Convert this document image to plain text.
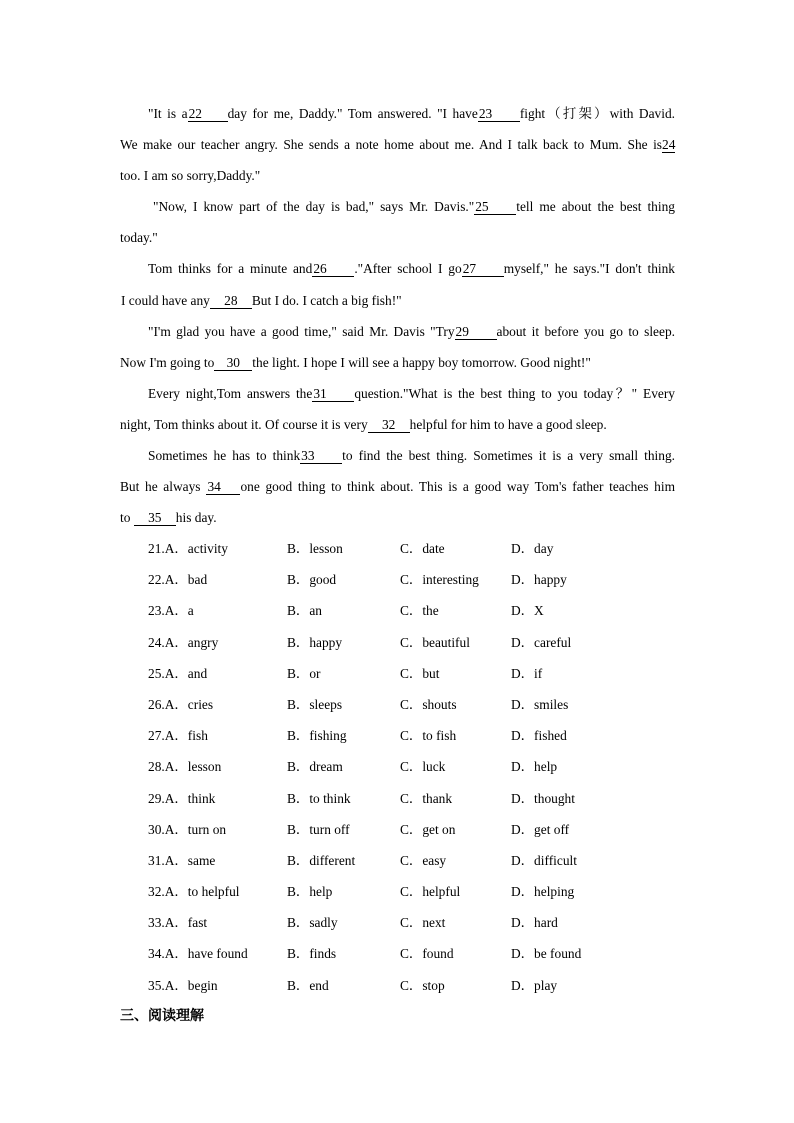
"It is a22 day for me, Daddy." Tom answered. "I have23 fight（打架）with David.
We make our teacher angry. She sends a note home about me. And I talk back to Mum. She is24
too. I am so sorry,Daddy."
"Now, I know part of the day is bad," says Mr. Davis."25 tell me about the best thing
today."
Tom thinks for a minute and26 ."After school I go27 myself," he says."I don't think
I could have any 28 But I do. I catch a big fish!"
"I'm glad you have a good time," said Mr. Davis "Try29 about it before you go to sleep.
Now I'm going to 30 the light. I hope I will see a happy boy tomorrow. Good night!"
Every night,Tom answers the31 question."What is the best thing to you today？" Every
night, Tom thinks about it. Of course it is very 32 helpful for him to have a good sleep.
Sometimes he has to think33 to find the best thing. Sometimes it is a very small thing.
But he always 34 one good thing to think about. This is a good way Tom's father teaches him
to 35 his day.
21.A．activity	B．lesson	C．date	D．day
22.A．bad	B．good	C．interesting D．happy
23.A．a	B．an	C．the	D．X
24.A．angry	B．happy	C．beautiful	D．careful
25.A．and	B．or	C．but	D．if
26.A．cries	B．sleeps	C．shouts	D．smiles
27.A．fish	B．fishing	C．to fish	D．fished
28.A．lesson	B．dream	C．luck	D．help
29.A．think	B．to think	C．thank	D．thought
30.A．turn on	B．turn off	C．get on	D．get off
31.A．same	B．different	C．easy	D．difficult
32.A．to helpful	B．help	C．helpful	D．helping
33.A．fast	B．sadly	C．next	D．hard
34.A．have found	B．finds	C．found	D．be found
35.A．begin	B．end	C．stop	D．play
三、阅读理解
